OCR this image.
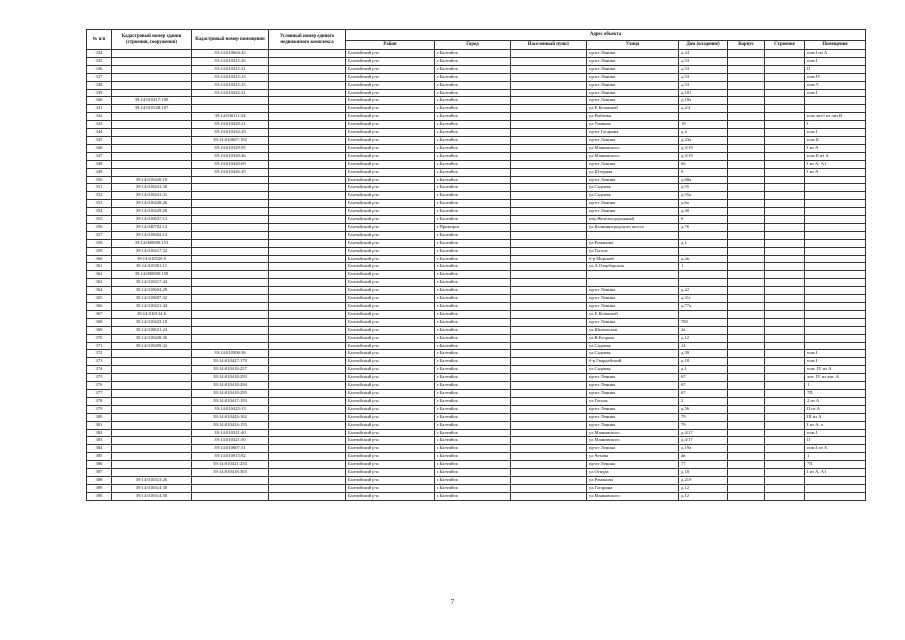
№ п/п	Кадастровый номер здания (строения, сооружения)	Кадастровый номер помещения	Условный номер единого недвижимого комплекса	Адрес объекта							
				Район	Город	Населенный пункт	Улица	Дом (владение)	Корпус	Строение	Помещение
334		39:14:010604:43		Балтийский р-н	г.Балтийск		пр-кт Ленина	д.24			пом.I из А
335		39:14:010415:26		Балтийский р-н	г.Балтийск		пр-кт Ленина	д.53			пом.I
336		39:14:010415:21		Балтийский р-н	г.Балтийск		пр-кт Ленина	д.53			II
337		39:14:010415:23		Балтийский р-н	г.Балтийск		пр-кт Ленина	д.53			пом.IV
338		39:14:010415:25		Балтийский р-н	г.Балтийск		пр-кт Ленина	д.53			пом.V
339		39:14:010422:21		Балтийский р-н	г.Балтийск		пр-кт Ленина	д.101			пом.I
340	39:14:010417:100			Балтийский р-н	г.Балтийск		пр-кт Ленина	д.18а			
341	39:14:010328:107			Балтийский р-н	г.Балтийск		ул.Е.Кочкиной	д.2/4			
342		39:14:030111:34		Балтийский р-н	г.Балтийск		ул.Рыбачья				пом.лит.I из лит.В
343		39:14:010428:21		Балтийский р-н	г.Балтийск		ул.Унавная	19			I
344		39:14:010432:29		Балтийский р-н	г.Балтийск		пр-кт Гагарина	д.4			пом.I
345		39:14:010607:192		Балтийский р-н	г.Балтийск		пр-кт Ленина	д.23а			пом.II
346		39:14:010329:95		Балтийский р-н	г.Балтийск		ул.Маяковского	д.3/19			I из А
347		39:14:010320:46		Балтийский р-н	г.Балтийск		ул.Маяковского	д.3/19			пом.II из А
348		39:14:010420:69		Балтийский р-н	г.Балтийск		пр-кт Ленина	66			I из А, А1
349		39:14:010426:45		Балтийский р-н	г.Балтийск		ул.Шторная	9			I из А
350	39:14:010420:19			Балтийский р-н	г.Балтийск		пр-кт Ленина	д.68а			
351	39:14:010431:30			Балтийский р-н	г.Балтийск		ул.Садовая	д.55			
352	39:14:010431:31			Балтийский р-н	г.Балтийск		ул.Садовая	д.55а			
353	39:14:010428:26			Балтийский р-н	г.Балтийск		пр-кт Ленина	д.6а			
354	39:14:010429:20			Балтийский р-н	г.Балтийск		пр-кт Ленина	д.30			
355	39:14:010637:13			Балтийский р-н	г.Балтийск		пер.Железнодорожный	9			
356	39:14:040702:12			Балтийский р-н	г.Приморск		ул.Калининградского шоссе	д.76			
357	39:14:010602:13			Балтийский р-н	г.Балтийск						
358	39:14:000000:153			Балтийский р-н	г.Балтийск		ул.Романова	д.1			
359	39:14:010417:32			Балтийский р-н	г.Балтийск		ул.Гоголя				
360	39:14:010526:5			Балтийский р-н	г.Балтийск		б-р Морской	д.2в			
361	39:14:010301:11			Балтийский р-н	г.Балтийск		ул.А.Озерборская	1			
362	39:14:000000:158			Балтийский р-н	г.Балтийск						
363	39:14:010417:44			Балтийский р-н	г.Балтийск						
364	39:14:010604:29			Балтийский р-н	г.Балтийск		пр-кт Ленина	д.22			
365	39:14:010607:32			Балтийский р-н	г.Балтийск		пр-кт Ленина	д.31г			
366	39:14:010421:44			Балтийский р-н	г.Балтийск		пр-кт Ленина	д.77а			
367	39:14:010124:6			Балтийский р-н	г.Балтийск		ул.Е.Кочкиной				
368	39:14:010423:18			Балтийский р-н	г.Балтийск		пр-кт Ленина	78б			
369	39:14:010631:24			Балтийский р-н	г.Балтийск		ул.Шиповская	2а			
370	39:14:010428:36			Балтийский р-н	г.Балтийск		ул.В.Егорова	д.12			
371	39:14:010409:32			Балтийский р-н	г.Балтийск		ул.Садовая	14			
372		39:14:010306:36		Балтийский р-н	г.Балтийск		ул.Садовая	д.39			пом.I
373		39:14:010427:178		Балтийский р-н	г.Балтийск		б-р Гвардейский	д.18			пом.I
374		39:14:010418:257		Балтийский р-н	г.Балтийск		ул.Садовая	д.1			пом. IV из А
375		39:14:010418:293		Балтийский р-н	г.Балтийск		пр-кт Ленина	67			лит. IV из лит. А
376		39:14:010418:294		Балтийский р-н	г.Балтийск		пр-кт Ленина	67			1
377		39:14:010418:295		Балтийский р-н	г.Балтийск		пр-кт Ленина	67			7П
378		39:14:010417:193		Балтийский р-н	г.Балтийск		ул.Гоголя	2			2 из А
379		39:14:010425:13		Балтийский р-н	г.Балтийск		пр-кт Ленина	д.56			II из А
380		39:14:010424:162		Балтийский р-н	г.Балтийск		пр-кт Ленина	79			III из А
381		39:14:010424:155		Балтийский р-н	г.Балтийск		пр-кт Ленина	79			I из А, а
382		39:14:010321:40		Балтийский р-н	г.Балтийск		ул.Маяковского	д.4/17			пом.I
383		39:14:010321:50		Балтийский р-н	г.Балтийск		ул.Маяковского	д.4/17			II
384		39:14:010607:51		Балтийский р-н	г.Балтийск		пр-кт Ленина	д.19а			пом.I из А
385		39:14:010915:82		Балтийский р-н	г.Балтийск		ул.Чехова	4в			1
386		39:14:010421:254		Балтийский р-н	г.Балтийск		пр-кт Ленина	77			7П
387		39:14:010418:303		Балтийский р-н	г.Балтийск		ул.Огнуда	д.18			I из А, А1
388	39:14:010313:26			Балтийский р-н	г.Балтийск		ул.Романова	д.21б			
389	39:14:010314:30			Балтийский р-н	г.Балтийск		ул.Гагарина	д.12			
390	39:14:010314:50			Балтийский р-н	г.Балтийск		ул.Маяковского	д.12			
7
